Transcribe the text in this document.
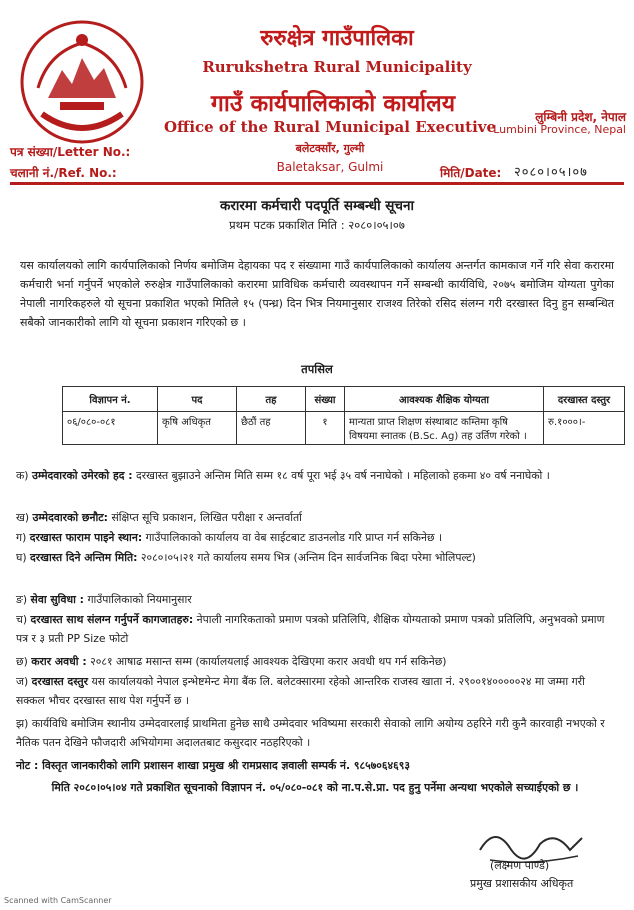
रुरुक्षेत्र गाउँपालिका
Rurukshetra Rural Municipality
गाउँ कार्यपालिकाको कार्यालय
Office of the Rural Municipal Executive
बलेटक्साँर, गुल्मी
लुम्बिनी प्रदेश, नेपाल
Lumbini Province, Nepal
पत्र संख्या/Letter No.:
चलानी नं./Ref. No.:	Baletaksar, Gulmi	मिति/Date: २०८०।०५।०७
करारमा कर्मचारी पदपूर्ति सम्बन्धी सूचना
प्रथम पटक प्रकाशित मिति : २०८०।०५।०७
यस कार्यालयको लागि कार्यपालिकाको निर्णय बमोजिम देहायका पद र संख्यामा गाउँ कार्यपालिकाको कार्यालय अन्तर्गत कामकाज गर्ने गरि सेवा करारमा कर्मचारी भर्ना गर्नुपर्ने भएकोले रुरुक्षेत्र गाउँपालिकाको करारमा प्राविधिक कर्मचारी व्यवस्थापन गर्ने सम्बन्धी कार्यविधि, २०७५ बमोजिम योग्यता पुगेका नेपाली नागरिकहरुले यो सूचना प्रकाशित भएको मितिले १५ (पन्ध्र) दिन भित्र नियमानुसार राजश्व तिरेको रसिद संलग्न गरी दरखास्त दिनु हुन सम्बन्धित सबैको जानकारीको लागि यो सूचना प्रकाशन गरिएको छ ।
तपसिल
विज्ञापन नं.	पद	तह	संख्या	आवश्यक शैक्षिक योग्यता	दरखास्त दस्तुर
०६/०८०-०८१	कृषि अधिकृत	छैठौं तह	१	मान्यता प्राप्त शिक्षण संस्थाबाट कम्तिमा कृषि विषयमा स्नातक (B.Sc. Ag) तह उर्तिण गरेको ।	रु.१०००।-
क) उम्मेदवारको उमेरको हद : दरखास्त बुझाउने अन्तिम मिति सम्म १८ वर्ष पूरा भई ३५ वर्ष ननाघेको । महिलाको हकमा ४० वर्ष ननाघेको ।
ख) उम्मेदवारको छनौट: संक्षिप्त सूचि प्रकाशन, लिखित परीक्षा र अन्तर्वार्ता
ग) दरखास्त फाराम पाइने स्थान: गाउँपालिकाको कार्यालय वा वेब साईटबाट डाउनलोड गरि प्राप्त गर्न सकिनेछ ।
घ) दरखास्त दिने अन्तिम मिति: २०८०।०५।२१ गते कार्यालय समय भित्र (अन्तिम दिन सार्वजनिक बिदा परेमा भोलिपल्ट)
ङ) सेवा सुविधा : गाउँपालिकाको नियमानुसार
च) दरखास्त साथ संलग्न गर्नुपर्ने कागजातहरु: नेपाली नागरिकताको प्रमाण पत्रको प्रतिलिपि, शैक्षिक योग्यताको प्रमाण पत्रको प्रतिलिपि, अनुभवको प्रमाण पत्र र ३ प्रती PP Size फोटो
छ) करार अवधी : २०८१ आषाढ मसान्त सम्म (कार्यालयलाई आवश्यक देखिएमा करार अवधी थप गर्न सकिनेछ)
ज) दरखास्त दस्तुर यस कार्यालयको नेपाल इन्भेष्टमेन्ट मेगा बैंक लि. बलेटक्सारमा रहेको आन्तरिक राजस्व खाता नं. २९००१४०००००२४ मा जम्मा गरी सक्कल भौचर दरखास्त साथ पेश गर्नुपर्ने छ ।
झ) कार्यविधि बमोजिम स्थानीय उम्मेदवारलाई प्राथमिता हुनेछ साथै उम्मेदवार भविष्यमा सरकारी सेवाको लागि अयोग्य ठहरिने गरी कुनै कारवाही नभएको र नैतिक पतन देखिने फौजदारी अभियोगमा अदालतबाट कसुरदार नठहरिएको ।
नोट : विस्तृत जानकारीको लागि प्रशासन शाखा प्रमुख श्री रामप्रसाद ज्ञवाली सम्पर्क नं. ९८५७०६४६९३
मिति २०८०।०५।०४ गते प्रकाशित सूचनाको विज्ञापन नं. ०५/०८०-०८१ को ना.प.से.प्रा. पद हुनु पर्नेमा अन्यथा भएकोले सच्याईएको छ ।
(लक्ष्मण पाण्डे)
प्रमुख प्रशासकीय अधिकृत
Scanned with CamScanner
